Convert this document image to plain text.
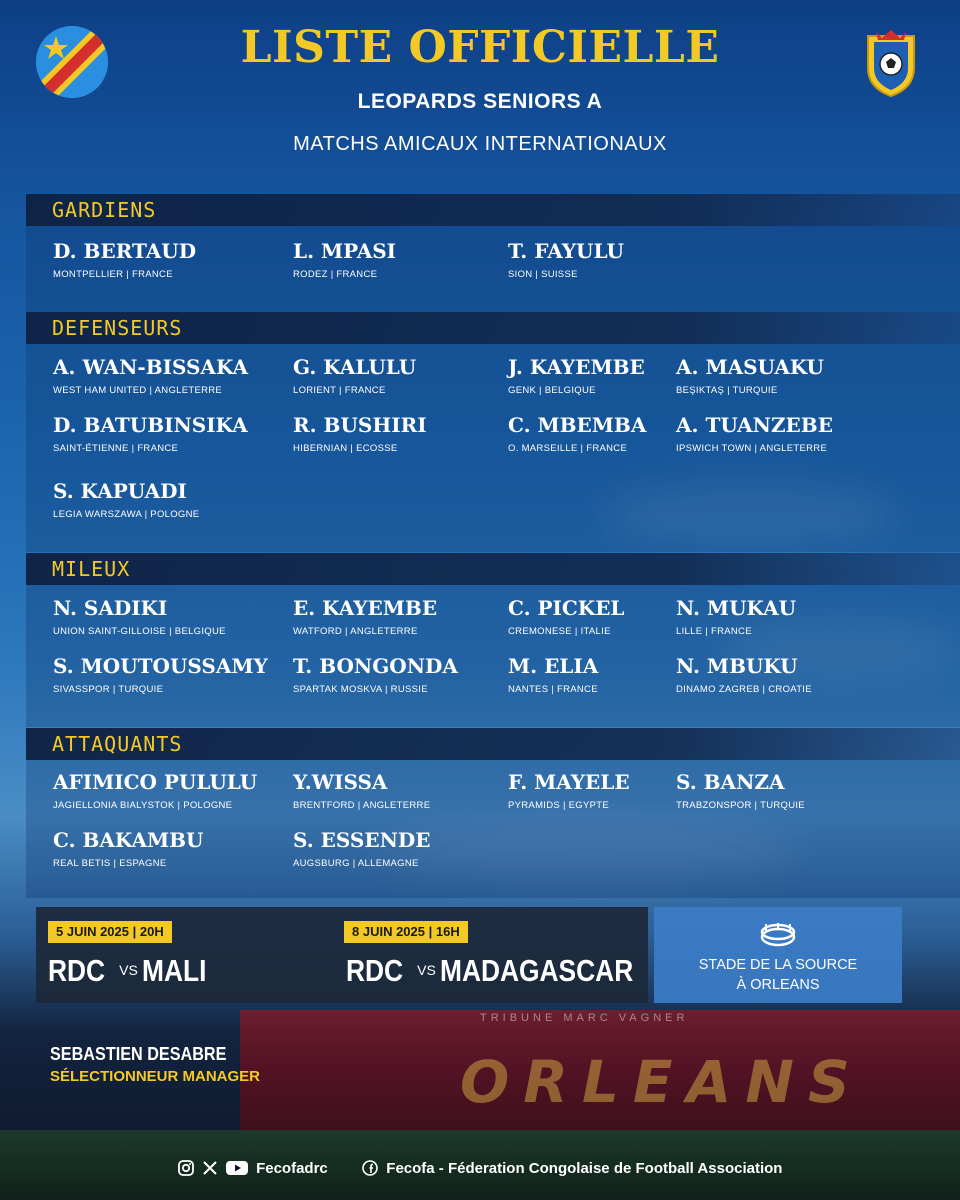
TRIBUNE MARC VAGNER
ORLEANS
LISTE OFFICIELLE
LEOPARDS SENIORS A
MATCHS AMICAUX INTERNATIONAUX
GARDIENS
D. BERTAUD
MONTPELLIER | FRANCE
L. MPASI
RODEZ | FRANCE
T. FAYULU
SION | SUISSE
DEFENSEURS
A. WAN-BISSAKA
WEST HAM UNITED | ANGLETERRE
G. KALULU
LORIENT | FRANCE
J. KAYEMBE
GENK | BELGIQUE
A. MASUAKU
BEŞIKTAŞ | TURQUIE
D. BATUBINSIKA
SAINT-ÉTIENNE | FRANCE
R. BUSHIRI
HIBERNIAN | ECOSSE
C. MBEMBA
O. MARSEILLE | FRANCE
A. TUANZEBE
IPSWICH TOWN | ANGLETERRE
S. KAPUADI
LEGIA WARSZAWA | POLOGNE
MILEUX
N. SADIKI
UNION SAINT-GILLOISE | BELGIQUE
E. KAYEMBE
WATFORD | ANGLETERRE
C. PICKEL
CREMONESE | ITALIE
N. MUKAU
LILLE | FRANCE
S. MOUTOUSSAMY
SIVASSPOR | TURQUIE
T. BONGONDA
SPARTAK MOSKVA | RUSSIE
M. ELIA
NANTES | FRANCE
N. MBUKU
DINAMO ZAGREB | CROATIE
ATTAQUANTS
AFIMICO PULULU
JAGIELLONIA BIALYSTOK | POLOGNE
Y.WISSA
BRENTFORD | ANGLETERRE
F. MAYELE
PYRAMIDS | EGYPTE
S. BANZA
TRABZONSPOR | TURQUIE
C. BAKAMBU
REAL BETIS | ESPAGNE
S. ESSENDE
AUGSBURG | ALLEMAGNE
5 JUIN 2025 | 20H
RDC VS MALI
8 JUIN 2025 | 16H
RDC VS MADAGASCAR	STADE DE LA SOURCE
À ORLEANS
SEBASTIEN DESABRE
SÉLECTIONNEUR MANAGER
Fecofadrc	Fecofa - Féderation Congolaise de Football Association
